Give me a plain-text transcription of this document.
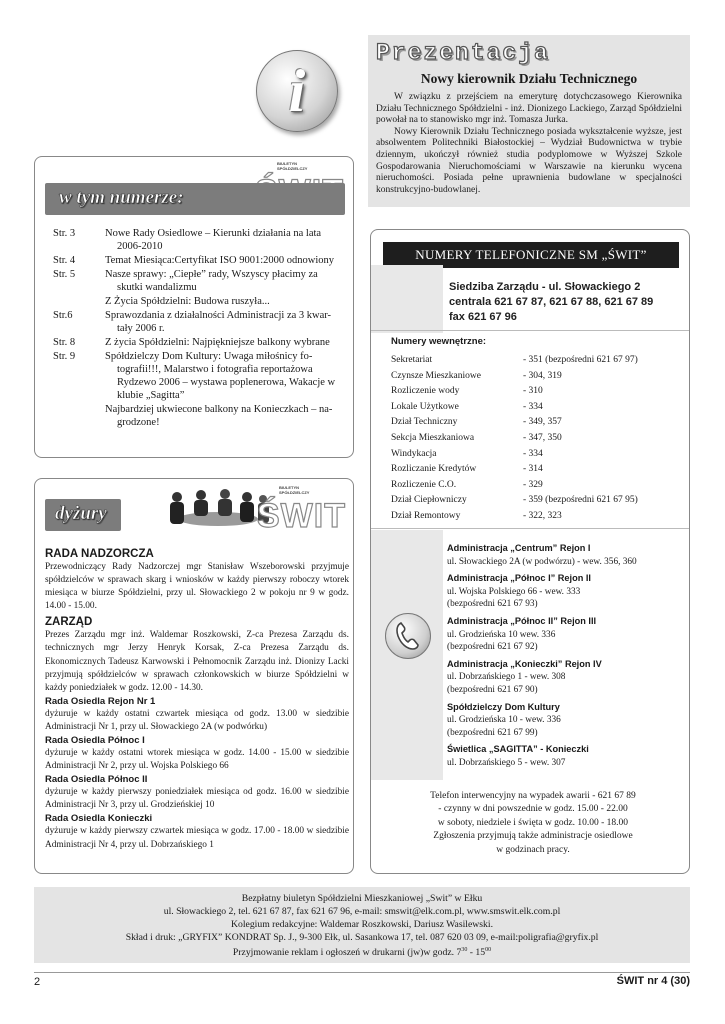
i
Prezentacja
Nowy kierownik Działu Technicznego

W związku z przejściem na emeryturę dotychczasowego Kierownika Działu Technicznego Spółdzielni - inż. Dionizego Lackiego, Zarząd Spółdzielni powołał na to stanowisko mgr inż. Tomasza Jurka.

Nowy Kierownik Działu Technicznego posiada wykształcenie wyższe, jest absolwentem Politechniki Białostockiej – Wydział Budownictwa w trybie dziennym, ukończył również studia podyplomowe w Wyższej Szkole Gospodarowania Nieruchomościami w Warszawie na kierunku wycena nieruchomości. Posiada pełne uprawnienia budowlane w specjalności konstrukcyjno-budowlanej.

BIULETYN
SPÓŁDZIELCZY
w tym numerze:
Str. 3	Nowe Rady Osiedlowe – Kierunki działania na lata
2006-2010
Str. 4	Temat Miesiąca:Certyfikat ISO 9001:2000 odnowiony
Str. 5	Nasze sprawy: „Ciepłe” rady, Wszyscy płacimy za
skutki wandalizmu
Z Życia Spółdzielni: Budowa ruszyła...
Str.6	Sprawozdania z działalności Administracji za 3 kwar-
tały 2006 r.
Str. 8	Z życia Spółdzielni: Najpiękniejsze balkony wybrane
Str. 9	Spółdzielczy Dom Kultury: Uwaga miłośnicy fo-
tografii!!!, Malarstwo i fotografia reportażowa Rydzewo 2006 – wystawa poplenerowa, Wakacje w klubie „Sagitta”
Najbardziej ukwiecone balkony na Konieczkach – na-
grodzone!
BIULETYN
SPÓŁDZIELCZY
ŚWIT
dyżury
RADA NADZORCZA

Przewodniczący Rady Nadzorczej mgr Stanisław Wszeborowski przyjmuje spółdzielców w sprawach skarg i wniosków w każdy pierwszy roboczy wtorek miesiąca w biurze Spółdzielni, przy ul. Słowackiego 2 w pokoju nr 9 w godz. 14.00 - 15.00.

ZARZĄD

Prezes Zarządu mgr inż. Waldemar Roszkowski, Z-ca Prezesa Zarządu ds. technicznych mgr Jerzy Henryk Korsak, Z-ca Prezesa Zarządu ds. Ekonomicznych Tadeusz Karwowski i Pełnomocnik Zarządu inż. Dionizy Lacki przyjmują spółdzielców w sprawach członkowskich w biurze Spółdzielni w każdy poniedziałek w godz. 12.00 - 14.30.

Rada Osiedla Rejon Nr 1

dyżuruje w każdy ostatni czwartek miesiąca od godz. 13.00 w siedzibie Administracji Nr 1, przy ul. Słowackiego 2A (w podwórku)

Rada Osiedla Północ I

dyżuruje w każdy ostatni wtorek miesiąca w godz. 14.00 - 15.00 w siedzibie Administracji Nr 2, przy ul. Wojska Polskiego 66

Rada Osiedla Północ II

dyżuruje w każdy pierwszy poniedziałek miesiąca od godz. 16.00 w siedzibie Administracji Nr 3, przy ul. Grodzieńskiej 10

Rada Osiedla Konieczki

dyżuruje w każdy pierwszy czwartek miesiąca w godz. 17.00 - 18.00 w siedzibie Administracji Nr 4, przy ul. Dobrzańskiego 1

NUMERY TELEFONICZNE SM „ŚWIT”
Siedziba Zarządu - ul. Słowackiego 2
centrala 621 67 87, 621 67 88, 621 67 89
fax 621 67 96
Numery wewnętrzne:
Sekretariat	- 351 (bezpośredni 621 67 97)
Czynsze Mieszkaniowe	- 304, 319
Rozliczenie wody	- 310
Lokale Użytkowe	- 334
Dział Techniczny	- 349, 357
Sekcja Mieszkaniowa	- 347, 350
Windykacja	- 334
Rozliczanie Kredytów	- 314
Rozliczenie C.O.	- 329
Dział Ciepłowniczy	- 359 (bezpośredni 621 67 95)
Dział Remontowy	- 322, 323
Administracja „Centrum” Rejon I
ul. Słowackiego 2A (w podwórzu) - wew. 356, 360
Administracja „Północ I” Rejon II
ul. Wojska Polskiego 66 - wew. 333
(bezpośredni 621 67 93)
Administracja „Północ II” Rejon III
ul. Grodzieńska 10 wew. 336
(bezpośredni 621 67 92)
Administracja „Konieczki” Rejon IV
ul. Dobrzańskiego 1 - wew. 308
(bezpośredni 621 67 90)
Spółdzielczy Dom Kultury
ul. Grodzieńska 10 - wew. 336
(bezpośredni 621 67 99)
Świetlica „SAGITTA” - Konieczki
ul. Dobrzańskiego 5 - wew. 307
Telefon interwencyjny na wypadek awarii - 621 67 89
- czynny w dni powszednie w godz. 15.00 - 22.00
w soboty, niedziele i święta w godz. 10.00 - 18.00
Zgłoszenia przyjmują także administracje osiedlowe
w godzinach pracy.
Bezpłatny biuletyn Spółdzielni Mieszkaniowej „Swit” w Ełku
ul. Słowackiego 2, tel. 621 67 87, fax 621 67 96, e-mail: smswit@elk.com.pl, www.smswit.elk.com.pl
Kolegium redakcyjne: Waldemar Roszkowski, Dariusz Wasilewski.
Skład i druk: „GRYFIX” KONDRAT Sp. J., 9-300 Ełk, ul. Sasankowa 17, tel. 087 620 03 09, e-mail:poligrafia@gryfix.pl
Przyjmowanie reklam i ogłoszeń w drukarni (jw)w godz. $7^{30} - 15^{00}$
2	ŚWIT nr 4 (30)
